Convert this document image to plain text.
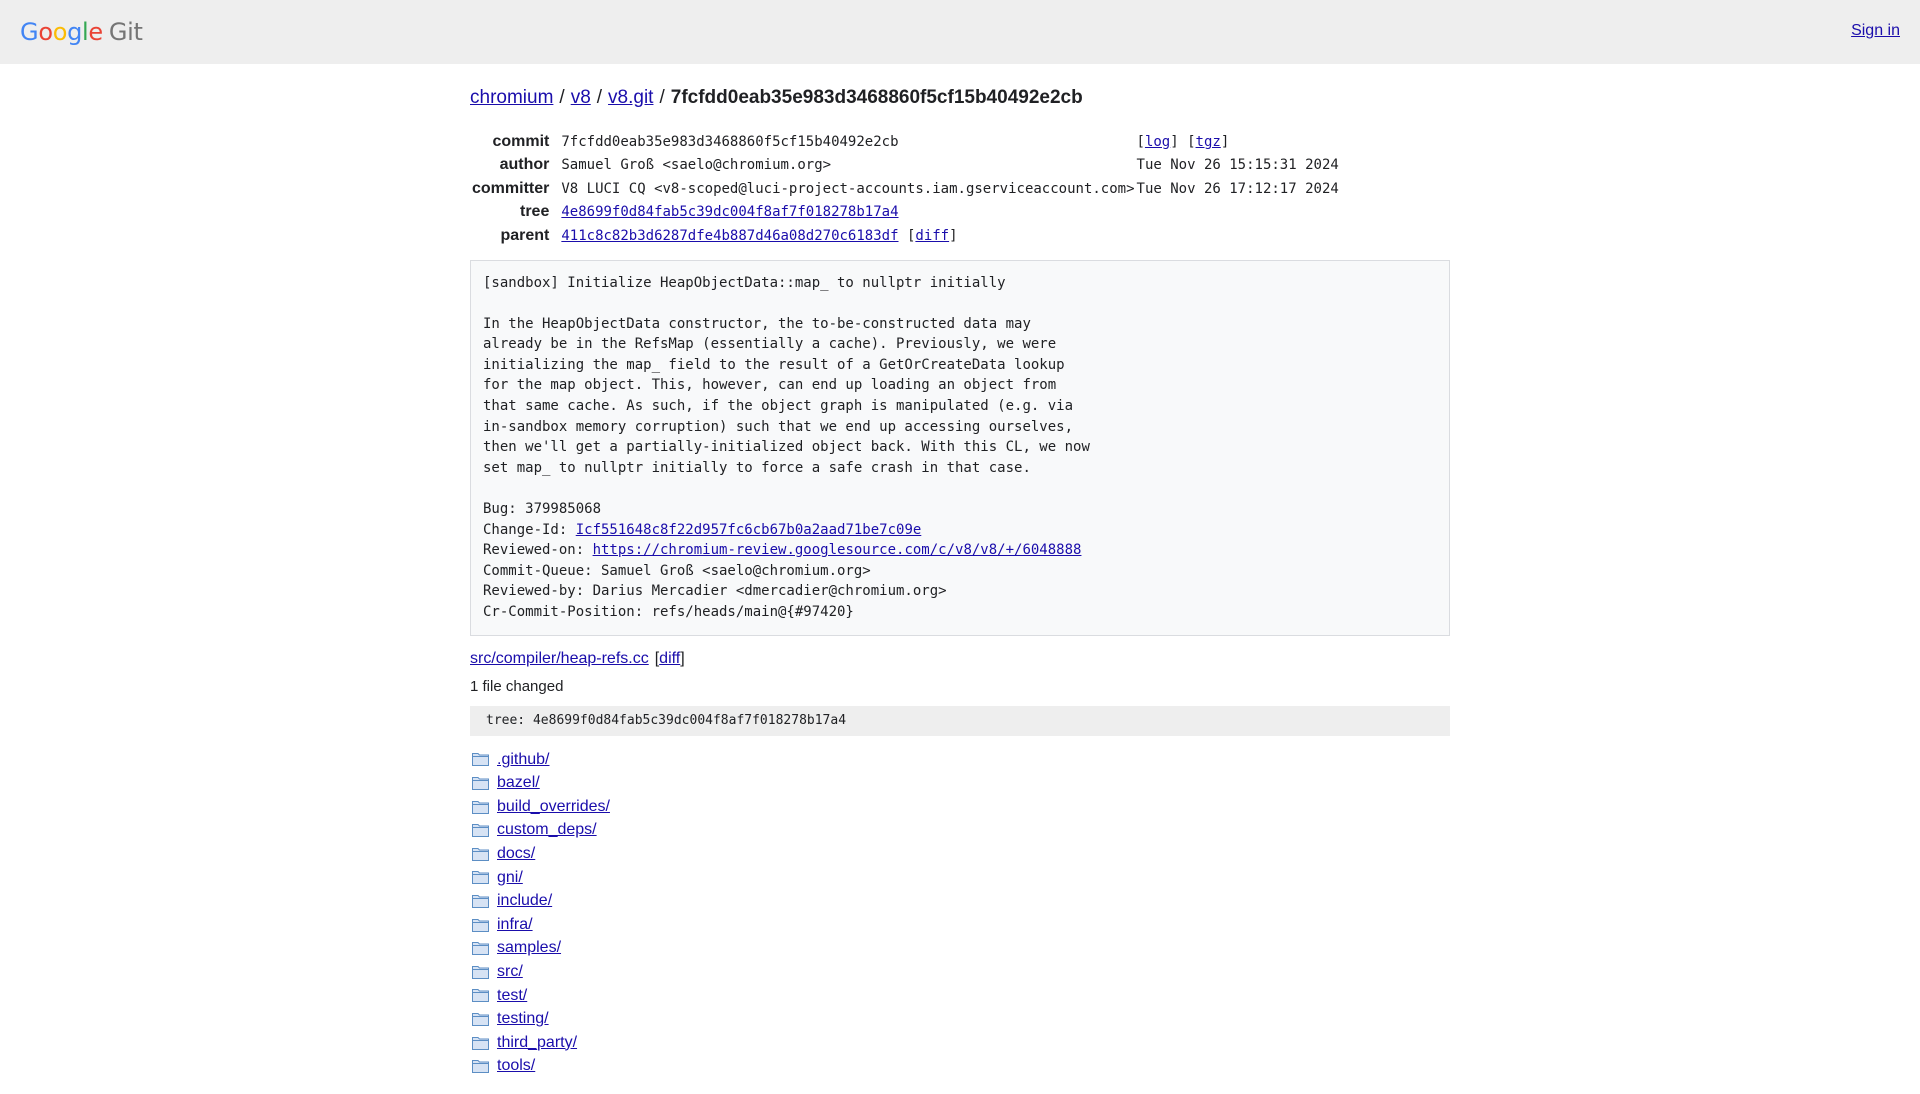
Google Git	Sign in
chromium / v8 / v8.git / 7fcfdd0eab35e983d3468860f5cf15b40492e2cb
commit	7fcfdd0eab35e983d3468860f5cf15b40492e2cb	[log] [tgz]
author	Samuel Groß <saelo@chromium.org>	Tue Nov 26 15:15:31 2024
committer	V8 LUCI CQ <v8-scoped@luci-project-accounts.iam.gserviceaccount.com>	Tue Nov 26 17:12:17 2024
tree	4e8699f0d84fab5c39dc004f8af7f018278b17a4	
parent	411c8c82b3d6287dfe4b887d46a08d270c6183df [diff]	
[sandbox] Initialize HeapObjectData::map_ to nullptr initially

In the HeapObjectData constructor, the to-be-constructed data may
already be in the RefsMap (essentially a cache). Previously, we were
initializing the map_ field to the result of a GetOrCreateData lookup
for the map object. This, however, can end up loading an object from
that same cache. As such, if the object graph is manipulated (e.g. via
in-sandbox memory corruption) such that we end up accessing ourselves,
then we'll get a partially-initialized object back. With this CL, we now
set map_ to nullptr initially to force a safe crash in that case.

Bug: 379985068
Change-Id: Icf551648c8f22d957fc6cb67b0a2aad71be7c09e
Reviewed-on: https://chromium-review.googlesource.com/c/v8/v8/+/6048888
Commit-Queue: Samuel Groß <saelo@chromium.org>
Reviewed-by: Darius Mercadier <dmercadier@chromium.org>
Cr-Commit-Position: refs/heads/main@{#97420}
src/compiler/heap-refs.cc [diff]
1 file changed
tree: 4e8699f0d84fab5c39dc004f8af7f018278b17a4
.github/
bazel/
build_overrides/
custom_deps/
docs/
gni/
include/
infra/
samples/
src/
test/
testing/
third_party/
tools/
